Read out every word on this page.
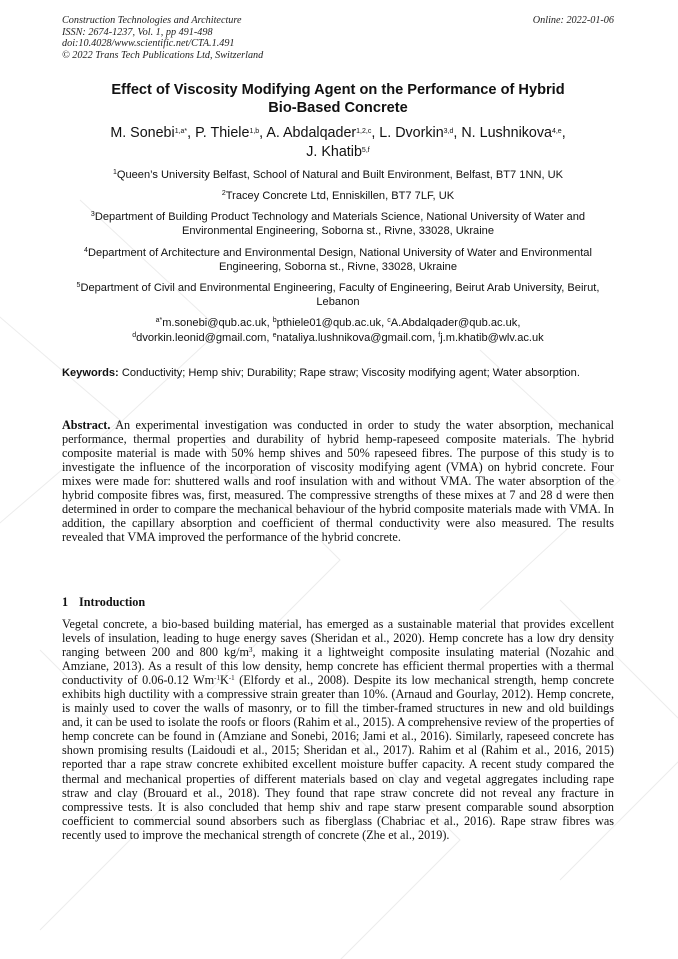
Construction Technologies and Architecture
ISSN: 2674-1237, Vol. 1, pp 491-498
doi:10.4028/www.scientific.net/CTA.1.491
© 2022 Trans Tech Publications Ltd, Switzerland
Online: 2022-01-06
Effect of Viscosity Modifying Agent on the Performance of Hybrid
Bio-Based Concrete
M. Sonebi$^{1,a*}$, P. Thiele$^{1,b}$, A. Abdalqader$^{1,2,c}$, L. Dvorkin$^{3,d}$, N. Lushnikova$^{4,e}$,
J. Khatib$^{5,f}$
$^1$Queen’s University Belfast, School of Natural and Built Environment, Belfast, BT7 1NN, UK
$^2$Tracey Concrete Ltd, Enniskillen, BT7 7LF, UK
$^3$Department of Building Product Technology and Materials Science, National University of Water and Environmental Engineering, Soborna st., Rivne, 33028, Ukraine
$^4$Department of Architecture and Environmental Design, National University of Water and Environmental Engineering, Soborna st., Rivne, 33028, Ukraine
$^5$Department of Civil and Environmental Engineering, Faculty of Engineering, Beirut Arab University, Beirut, Lebanon
$^{a*}$m.sonebi@qub.ac.uk, $^b$pthiele01@qub.ac.uk, $^c$A.Abdalqader@qub.ac.uk,
$^d$dvorkin.leonid@gmail.com, $^e$nataliya.lushnikova@gmail.com, $^f$j.m.khatib@wlv.ac.uk
Keywords: Conductivity; Hemp shiv; Durability; Rape straw; Viscosity modifying agent; Water absorption.
Abstract. An experimental investigation was conducted in order to study the water absorption, mechanical performance, thermal properties and durability of hybrid hemp-rapeseed composite materials. The hybrid composite material is made with 50% hemp shives and 50% rapeseed fibres. The purpose of this study is to investigate the influence of the incorporation of viscosity modifying agent (VMA) on hybrid concrete. Four mixes were made for: shuttered walls and roof insulation with and without VMA. The water absorption of the hybrid composite fibres was, first, measured. The compressive strengths of these mixes at 7 and 28 d were then determined in order to compare the mechanical behaviour of the hybrid composite materials made with VMA. In addition, the capillary absorption and coefficient of thermal conductivity were also measured. The results revealed that VMA improved the performance of the hybrid concrete.
1 Introduction
Vegetal concrete, a bio-based building material, has emerged as a sustainable material that provides excellent levels of insulation, leading to huge energy saves (Sheridan et al., 2020). Hemp concrete has a low dry density ranging between 200 and 800 $kg/m^3$, making it a lightweight composite insulating material (Nozahic and Amziane, 2013). As a result of this low density, hemp concrete has efficient thermal properties with a thermal conductivity of 0.06-0.12 $Wm^{-1}K^{-1}$ (Elfordy et al., 2008). Despite its low mechanical strength, hemp concrete exhibits high ductility with a compressive strain greater than 10%. (Arnaud and Gourlay, 2012). Hemp concrete, is mainly used to cover the walls of masonry, or to fill the timber-framed structures in new and old buildings and, it can be used to isolate the roofs or floors (Rahim et al., 2015). A comprehensive review of the properties of hemp concrete can be found in (Amziane and Sonebi, 2016; Jami et al., 2016). Similarly, rapeseed concrete has shown promising results (Laidoudi et al., 2015; Sheridan et al., 2017). Rahim et al (Rahim et al., 2016, 2015) reported thar a rape straw concrete exhibited excellent moisture buffer capacity. A recent study compared the thermal and mechanical properties of different materials based on clay and vegetal aggregates including rape straw and clay (Brouard et al., 2018). They found that rape straw concrete did not reveal any fracture in compressive tests. It is also concluded that hemp shiv and rape starw present comparable sound absorption coefficient to commercial sound absorbers such as fiberglass (Chabriac et al., 2016). Rape straw fibres was recently used to improve the mechanical strength of concrete (Zhe et al., 2019).
